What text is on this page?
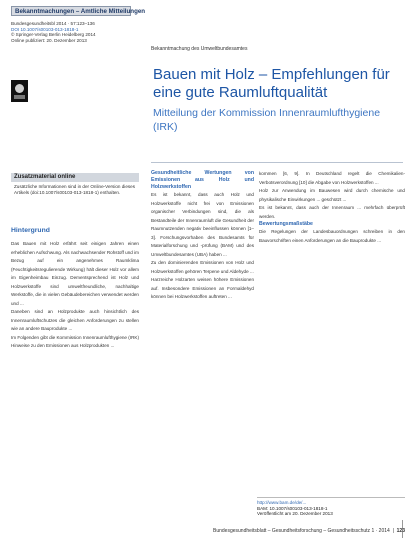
Bekanntmachungen – Amtliche Mitteilungen
Bundesgesundheitsbl 2014 · 57:123–136
DOI 10.1007/s00103-013-1818-1
© Springer-Verlag Berlin Heidelberg 2014
Online publiziert: 20. Dezember 2013
Zusatzmaterial online
Zusätzliche Informationen sind in der Online-Version dieses Artikels (doi:10.1007/s00103-013-1818-1) enthalten.
Hintergrund

Das Bauen mit Holz erfährt seit einigen Jahren einen erheblichen Aufschwung. Als nachwachsender Rohstoff und im Bezug auf ein angenehmes Raumklima (Feuchtigkeitsregulierende Wirkung) hält dieser Holz vor allem im Eigenheimbau Einzug. Dementsprechend ist Holz und Holzwerkstoffe sind umweltfreundliche, nachhaltige Werkstoffe, die in vielen Gebäudebereichen verwendet werden und ...

Daneben sind an Holzprodukte auch hinsichtlich des Innenraumluftschutzes die gleichen Anforderungen zu stellen wie an andere Bauprodukte ...

Im Folgenden gibt die Kommission Innenraumlufthygiene (IRK) Hinweise zu den Emissionen aus Holzprodukten ...

Bekanntmachung des Umweltbundesamtes
Bauen mit Holz – Empfehlungen für eine gute Raumluftqualität
Mitteilung der Kommission Innenraumlufthygiene (IRK)

Gesundheitliche Wertungen von Emissionen aus Holz und Holzwerkstoffen

Es ist bekannt, dass auch Holz und Holzwerkstoffe nicht frei von Emissionen organischer Verbindungen sind, die als Bestandteile der Innenraumluft die Gesundheit der Raumnutzenden negativ beeinflussen können [1–3]. Forschungsvorhaben des Bundesamts für Materialforschung und -prüfung (BAM) und des Umweltbundesamtes (UBA) haben ...

Zu den dominierenden Emissionen von Holz und Holzwerkstoffen gehören Terpene und Aldehyde ...

Harzreiche Holzarten weisen höhere Emissionen auf. Insbesondere Emissionen an Formaldehyd können bei Holzwerkstoffen auftreten ...

kommen [6, 9]. In Deutschland regelt die Chemikalien-Verbotsverordnung [10] die Abgabe von Holzwerkstoffen ...

Holz zur Anwendung im Bauwesen wird durch chemische und physikalische Einwirkungen ... geschützt ...

Es ist bekannt, dass auch der Innenraum ... mehrfach überprüft werden.

Bewertungsmaßstäbe

Die Regelungen der Landesbauordnungen schreiben in den Bauvorschriften einen Anforderungen an die Bauprodukte ...

http://www.bam.de/de/...
BAM: 10.1007/s00103-013-1818-1
Veröffentlicht am 20. Dezember 2013
Bundesgesundheitsblatt – Gesundheitsforschung – Gesundheitsschutz 1 · 2014  |  123
